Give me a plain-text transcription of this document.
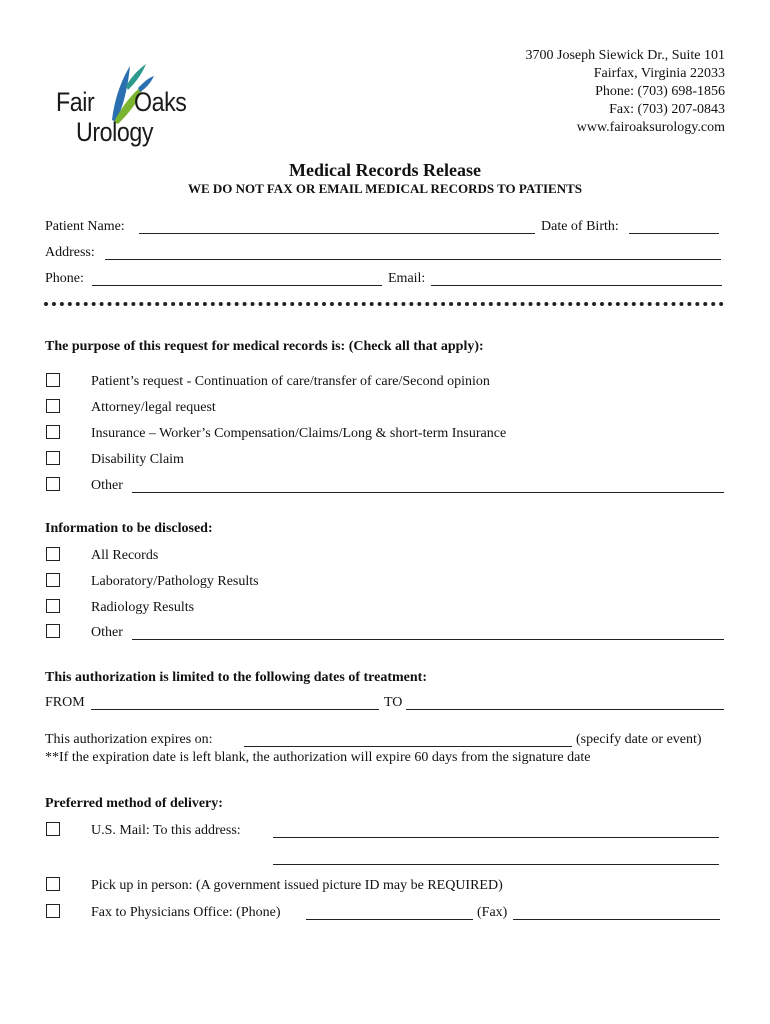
Fair Oaks
Urology
3700 Joseph Siewick Dr., Suite 101
Fairfax, Virginia 22033
Phone: (703) 698-1856
Fax: (703) 207-0843
www.fairoaksurology.com
Medical Records Release
WE DO NOT FAX OR EMAIL MEDICAL RECORDS TO PATIENTS
Patient Name:	Date of Birth:
Address:
Phone:	Email:
The purpose of this request for medical records is: (Check all that apply):
Patient’s request - Continuation of care/transfer of care/Second opinion
Attorney/legal request
Insurance – Worker’s Compensation/Claims/Long & short-term Insurance
Disability Claim
Other
Information to be disclosed:
All Records
Laboratory/Pathology Results
Radiology Results
Other
This authorization is limited to the following dates of treatment:
FROM	TO
This authorization expires on:	(specify date or event)
**If the expiration date is left blank, the authorization will expire 60 days from the signature date
Preferred method of delivery:
U.S. Mail: To this address:
Pick up in person: (A government issued picture ID may be REQUIRED)
Fax to Physicians Office: (Phone)	(Fax)
